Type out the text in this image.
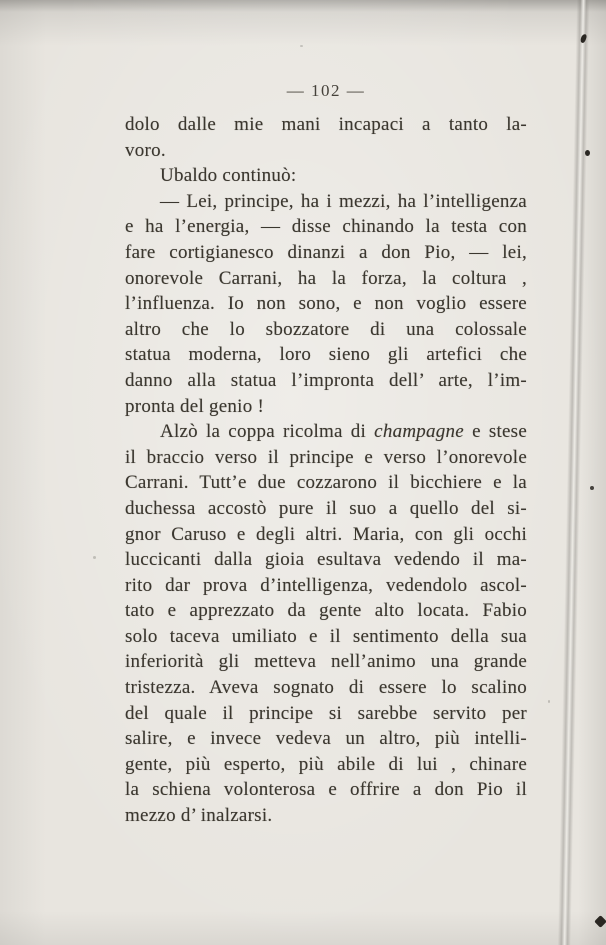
— 102 —
dolo dalle mie mani incapaci a tanto la-
voro.
Ubaldo continuò:
— Lei, principe, ha i mezzi, ha l’intelligenza
e ha l’energia, — disse chinando la testa con
fare cortigianesco dinanzi a don Pio, — lei,
onorevole Carrani, ha la forza, la coltura ,
l’influenza. Io non sono, e non voglio essere
altro che lo sbozzatore di una colossale
statua moderna, loro sieno gli artefici che
danno alla statua l’impronta dell’ arte, l’im-
pronta del genio !
Alzò la coppa ricolma di champagne e stese
il braccio verso il principe e verso l’onorevole
Carrani. Tutt’e due cozzarono il bicchiere e la
duchessa accostò pure il suo a quello del si-
gnor Caruso e degli altri. Maria, con gli occhi
luccicanti dalla gioia esultava vedendo il ma-
rito dar prova d’intelligenza, vedendolo ascol-
tato e apprezzato da gente alto locata. Fabio
solo taceva umiliato e il sentimento della sua
inferiorità gli metteva nell’animo una grande
tristezza. Aveva sognato di essere lo scalino
del quale il principe si sarebbe servito per
salire, e invece vedeva un altro, più intelli-
gente, più esperto, più abile di lui , chinare
la schiena volonterosa e offrire a don Pio il
mezzo d’ inalzarsi.
